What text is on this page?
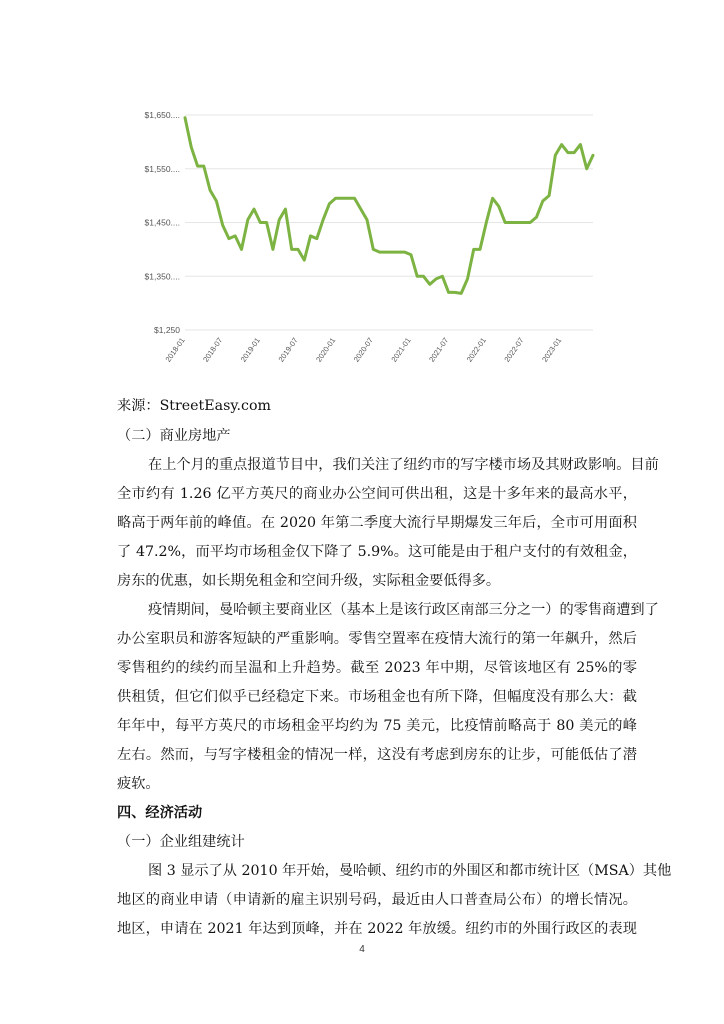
$1,250
$1,350....
$1,450....
$1,550....
$1,650....
2018-01 2018-07 2019-01 2019-07 2020-01 2020-07 2021-01 2021-07 2022-01 2022-07 2023-01
来源：StreetEasy.com
（二）商业房地产
在上个月的重点报道节目中，我们关注了纽约市的写字楼市场及其财政影响。目前
全市约有 1.26 亿平方英尺的商业办公空间可供出租，这是十多年来的最高水平，
略高于两年前的峰值。在 2020 年第二季度大流行早期爆发三年后，全市可用面积
了 47.2%，而平均市场租金仅下降了 5.9%。这可能是由于租户支付的有效租金，
房东的优惠，如长期免租金和空间升级，实际租金要低得多。
疫情期间，曼哈顿主要商业区（基本上是该行政区南部三分之一）的零售商遭到了
办公室职员和游客短缺的严重影响。零售空置率在疫情大流行的第一年飙升，然后
零售租约的续约而呈温和上升趋势。截至 2023 年中期，尽管该地区有 25%的零
供租赁，但它们似乎已经稳定下来。市场租金也有所下降，但幅度没有那么大：截
年年中，每平方英尺的市场租金平均约为 75 美元，比疫情前略高于 80 美元的峰
左右。然而，与写字楼租金的情况一样，这没有考虑到房东的让步，可能低估了潜
疲软。
四、经济活动
（一）企业组建统计
图 3 显示了从 2010 年开始，曼哈顿、纽约市的外围区和都市统计区（MSA）其他
地区的商业申请（申请新的雇主识别号码，最近由人口普查局公布）的增长情况。
地区，申请在 2021 年达到顶峰，并在 2022 年放缓。纽约市的外围行政区的表现
4
